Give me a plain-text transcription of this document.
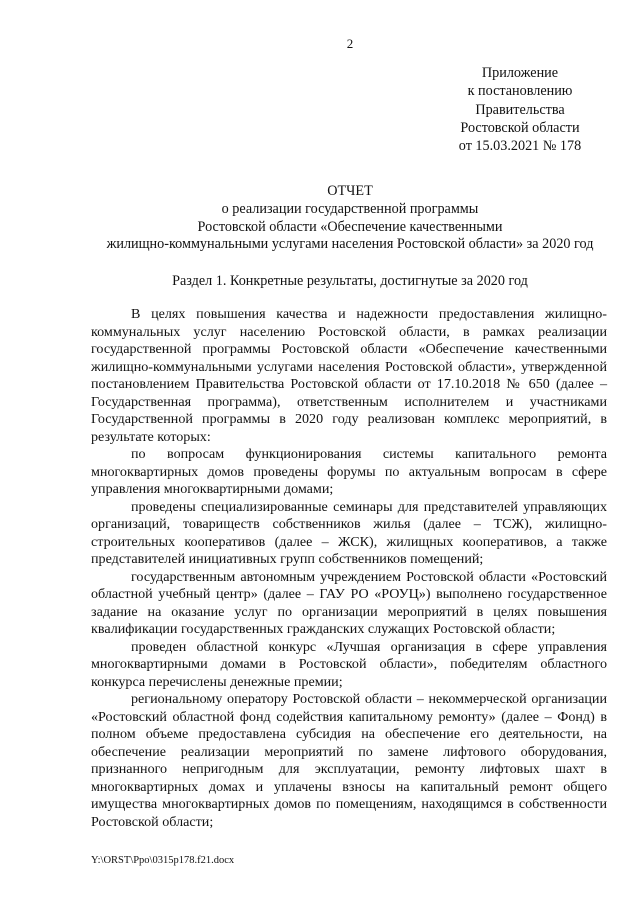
2
Приложение
к постановлению
Правительства
Ростовской области
от 15.03.2021 № 178
ОТЧЕТ
о реализации государственной программы
Ростовской области «Обеспечение качественными
жилищно-коммунальными услугами населения Ростовской области» за 2020 год
Раздел 1. Конкретные результаты, достигнутые за 2020 год

В целях повышения качества и надежности предоставления жилищно-коммунальных услуг населению Ростовской области, в рамках реализации государственной программы Ростовской области «Обеспечение качественными жилищно-коммунальными услугами населения Ростовской области», утвержденной постановлением Правительства Ростовской области от 17.10.2018 № 650 (далее – Государственная программа), ответственным исполнителем и участниками Государственной программы в 2020 году реализован комплекс мероприятий, в результате которых:

по вопросам функционирования системы капитального ремонта многоквартирных домов проведены форумы по актуальным вопросам в сфере управления многоквартирными домами;

проведены специализированные семинары для представителей управляющих организаций, товариществ собственников жилья (далее – ТСЖ), жилищно-строительных кооперативов (далее – ЖСК), жилищных кооперативов, а также представителей инициативных групп собственников помещений;

государственным автономным учреждением Ростовской области «Ростовский областной учебный центр» (далее – ГАУ РО «РОУЦ») выполнено государственное задание на оказание услуг по организации мероприятий в целях повышения квалификации государственных гражданских служащих Ростовской области;

проведен областной конкурс «Лучшая организация в сфере управления многоквартирными домами в Ростовской области», победителям областного конкурса перечислены денежные премии;

региональному оператору Ростовской области – некоммерческой организации «Ростовский областной фонд содействия капитальному ремонту» (далее – Фонд) в полном объеме предоставлена субсидия на обеспечение его деятельности, на обеспечение реализации мероприятий по замене лифтового оборудования, признанного непригодным для эксплуатации, ремонту лифтовых шахт в многоквартирных домах и уплачены взносы на капитальный ремонт общего имущества многоквартирных домов по помещениям, находящимся в собственности Ростовской области;

Y:\ORST\Ppo\0315p178.f21.docx
